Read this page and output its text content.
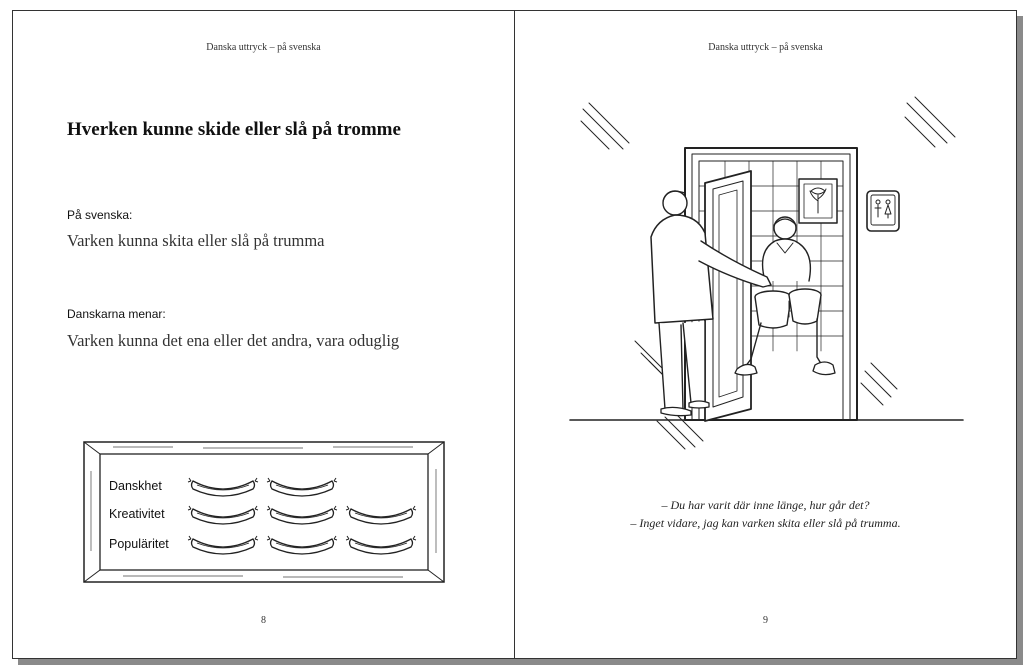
Danska uttryck – på svenska
Hverken kunne skide eller slå på tromme
På svenska:
Varken kunna skita eller slå på trumma
Danskarna menar:
Varken kunna det ena eller det andra, vara oduglig
Danskhet
Kreativitet
Populäritet
8
Danska uttryck – på svenska
– Du har varit där inne länge, hur går det?
– Inget vidare, jag kan varken skita eller slå på trumma.
9
